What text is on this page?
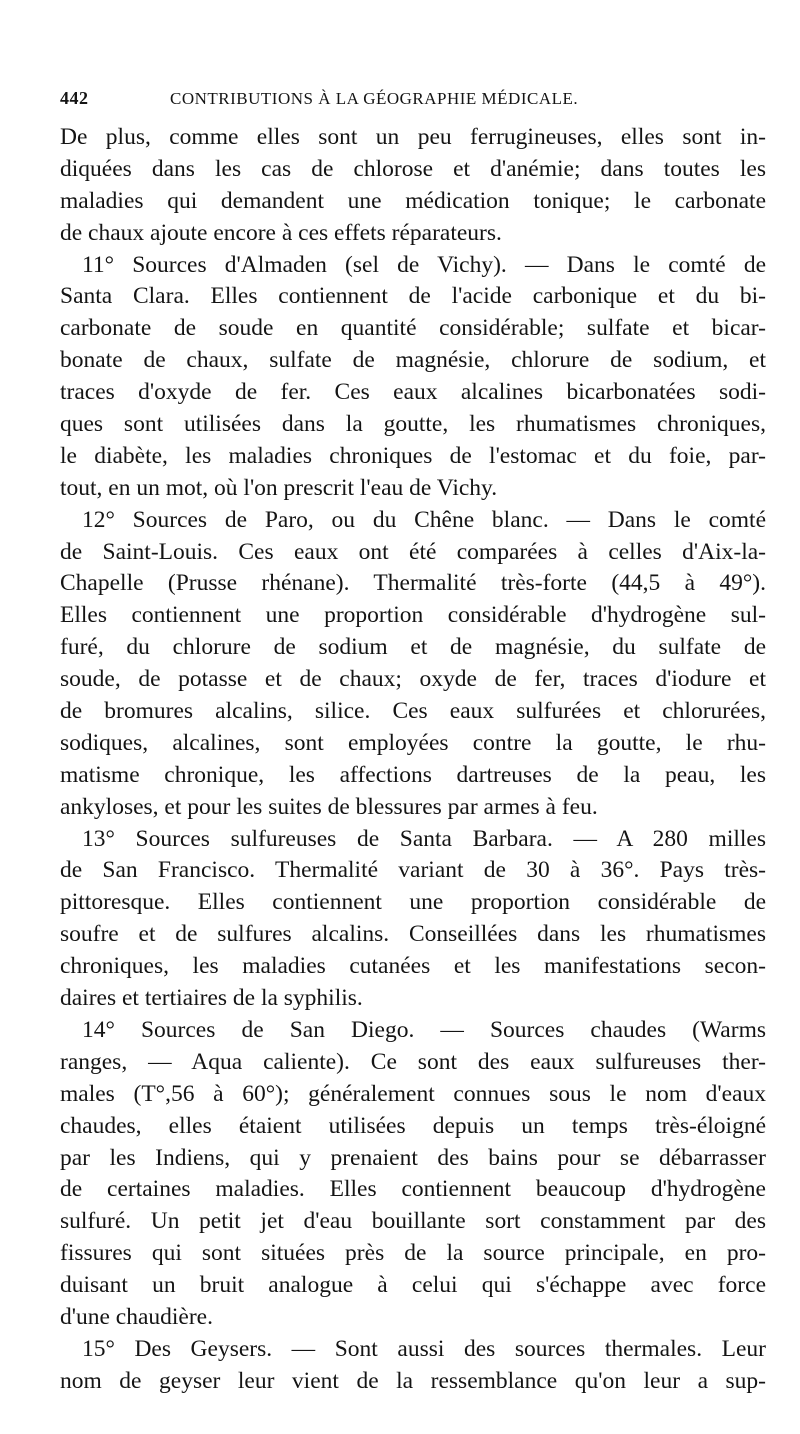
442	CONTRIBUTIONS À LA GÉOGRAPHIE MÉDICALE.
De plus, comme elles sont un peu ferrugineuses, elles sont in-
diquées dans les cas de chlorose et d'anémie; dans toutes les
maladies qui demandent une médication tonique; le carbonate
de chaux ajoute encore à ces effets réparateurs.
11° Sources d'Almaden (sel de Vichy). — Dans le comté de
Santa Clara. Elles contiennent de l'acide carbonique et du bi-
carbonate de soude en quantité considérable; sulfate et bicar-
bonate de chaux, sulfate de magnésie, chlorure de sodium, et
traces d'oxyde de fer. Ces eaux alcalines bicarbonatées sodi-
ques sont utilisées dans la goutte, les rhumatismes chroniques,
le diabète, les maladies chroniques de l'estomac et du foie, par-
tout, en un mot, où l'on prescrit l'eau de Vichy.
12° Sources de Paro, ou du Chêne blanc. — Dans le comté
de Saint-Louis. Ces eaux ont été comparées à celles d'Aix-la-
Chapelle (Prusse rhénane). Thermalité très-forte (44,5 à 49°).
Elles contiennent une proportion considérable d'hydrogène sul-
furé, du chlorure de sodium et de magnésie, du sulfate de
soude, de potasse et de chaux; oxyde de fer, traces d'iodure et
de bromures alcalins, silice. Ces eaux sulfurées et chlorurées,
sodiques, alcalines, sont employées contre la goutte, le rhu-
matisme chronique, les affections dartreuses de la peau, les
ankyloses, et pour les suites de blessures par armes à feu.
13° Sources sulfureuses de Santa Barbara. — A 280 milles
de San Francisco. Thermalité variant de 30 à 36°. Pays très-
pittoresque. Elles contiennent une proportion considérable de
soufre et de sulfures alcalins. Conseillées dans les rhumatismes
chroniques, les maladies cutanées et les manifestations secon-
daires et tertiaires de la syphilis.
14° Sources de San Diego. — Sources chaudes (Warms
ranges, — Aqua caliente). Ce sont des eaux sulfureuses ther-
males (T°,56 à 60°); généralement connues sous le nom d'eaux
chaudes, elles étaient utilisées depuis un temps très-éloigné
par les Indiens, qui y prenaient des bains pour se débarrasser
de certaines maladies. Elles contiennent beaucoup d'hydrogène
sulfuré. Un petit jet d'eau bouillante sort constamment par des
fissures qui sont situées près de la source principale, en pro-
duisant un bruit analogue à celui qui s'échappe avec force
d'une chaudière.
15° Des Geysers. — Sont aussi des sources thermales. Leur
nom de geyser leur vient de la ressemblance qu'on leur a sup-
